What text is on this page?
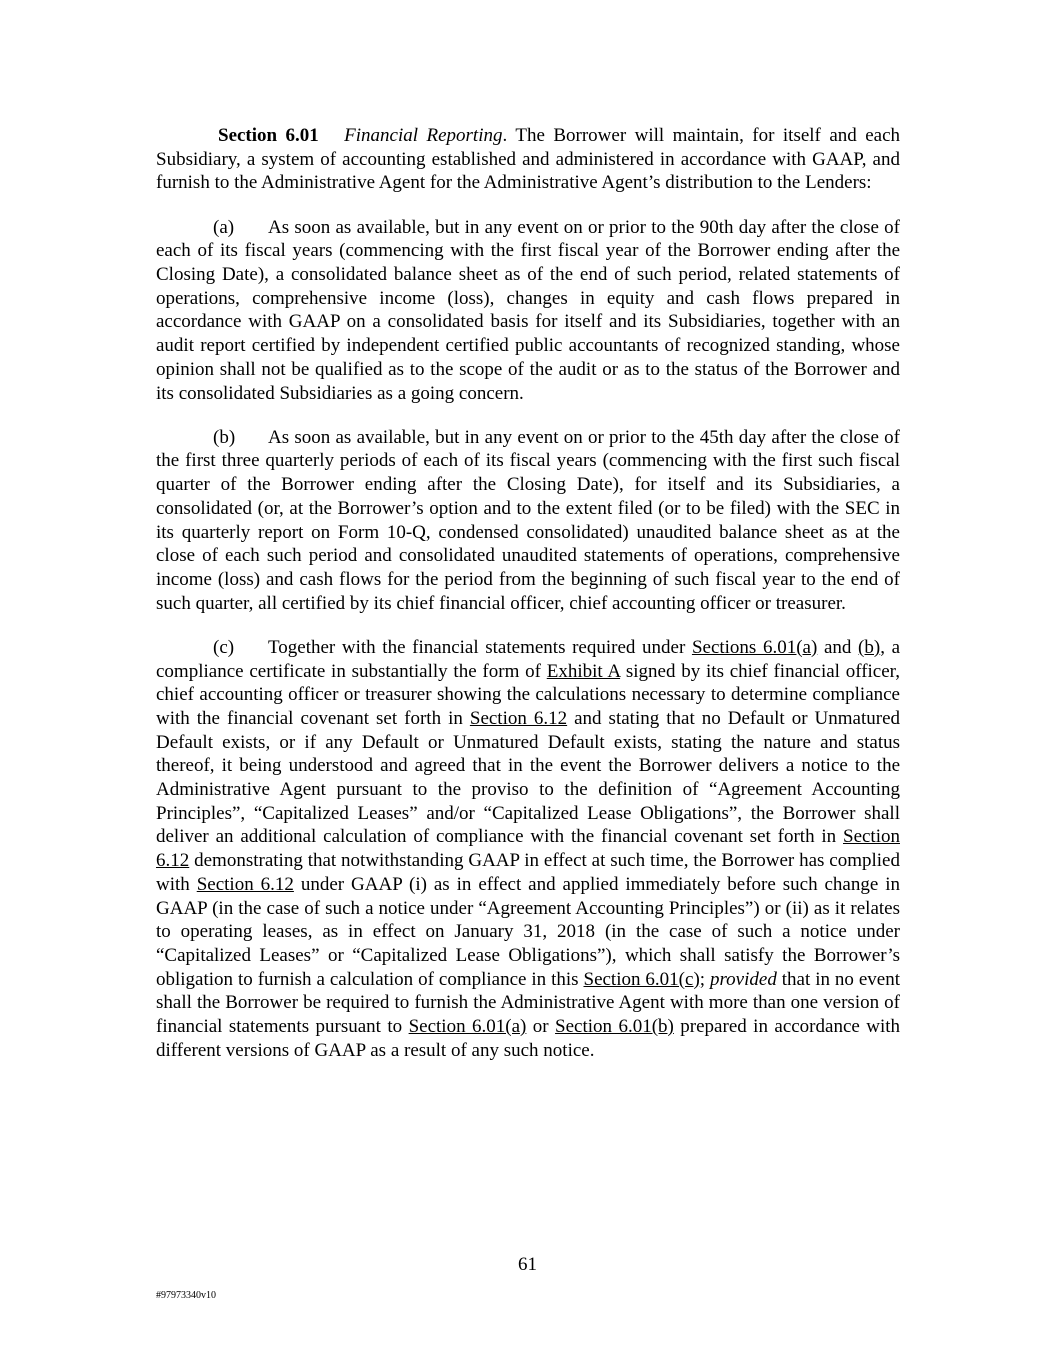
Section 6.01 Financial Reporting. The Borrower will maintain, for itself and each Subsidiary, a system of accounting established and administered in accordance with GAAP, and furnish to the Administrative Agent for the Administrative Agent’s distribution to the Lenders:

(a) As soon as available, but in any event on or prior to the 90th day after the close of each of its fiscal years (commencing with the first fiscal year of the Borrower ending after the Closing Date), a consolidated balance sheet as of the end of such period, related statements of operations, comprehensive income (loss), changes in equity and cash flows prepared in accordance with GAAP on a consolidated basis for itself and its Subsidiaries, together with an audit report certified by independent certified public accountants of recognized standing, whose opinion shall not be qualified as to the scope of the audit or as to the status of the Borrower and its consolidated Subsidiaries as a going concern.

(b) As soon as available, but in any event on or prior to the 45th day after the close of the first three quarterly periods of each of its fiscal years (commencing with the first such fiscal quarter of the Borrower ending after the Closing Date), for itself and its Subsidiaries, a consolidated (or, at the Borrower’s option and to the extent filed (or to be filed) with the SEC in its quarterly report on Form 10-Q, condensed consolidated) unaudited balance sheet as at the close of each such period and consolidated unaudited statements of operations, comprehensive income (loss) and cash flows for the period from the beginning of such fiscal year to the end of such quarter, all certified by its chief financial officer, chief accounting officer or treasurer.

(c) Together with the financial statements required under Sections 6.01(a) and (b), a compliance certificate in substantially the form of Exhibit A signed by its chief financial officer, chief accounting officer or treasurer showing the calculations necessary to determine compliance with the financial covenant set forth in Section 6.12 and stating that no Default or Unmatured Default exists, or if any Default or Unmatured Default exists, stating the nature and status thereof, it being understood and agreed that in the event the Borrower delivers a notice to the Administrative Agent pursuant to the proviso to the definition of “Agreement Accounting Principles”, “Capitalized Leases” and/or “Capitalized Lease Obligations”, the Borrower shall deliver an additional calculation of compliance with the financial covenant set forth in Section 6.12 demonstrating that notwithstanding GAAP in effect at such time, the Borrower has complied with Section 6.12 under GAAP (i) as in effect and applied immediately before such change in GAAP (in the case of such a notice under “Agreement Accounting Principles”) or (ii) as it relates to operating leases, as in effect on January 31, 2018 (in the case of such a notice under “Capitalized Leases” or “Capitalized Lease Obligations”), which shall satisfy the Borrower’s obligation to furnish a calculation of compliance in this Section 6.01(c); provided that in no event shall the Borrower be required to furnish the Administrative Agent with more than one version of financial statements pursuant to Section 6.01(a) or Section 6.01(b) prepared in accordance with different versions of GAAP as a result of any such notice.

61
#97973340v10
